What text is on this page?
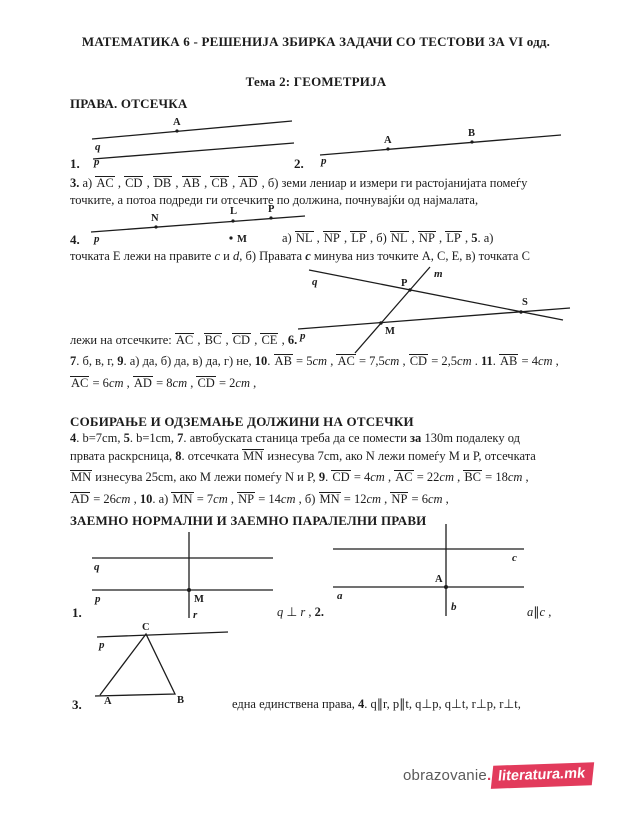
МАТЕМАТИКА 6 - РЕШЕНИЈА ЗБИРКА ЗАДАЧИ СО ТЕСТОВИ ЗА VI одд.
Тема 2: ГЕОМЕТРИЈА
ПРАВА. ОТСЕЧКА
A
q
p
A
B
p
1.	2.
3. а) AC , CD , DB , AB , CB , AD , б) земи лениар и измери ги растојанијата помеѓу
точките, а потоа подреди ги отсечките по должина, почнувајќи од најмалата,
N
L	P
M
p
4.	а) NL , NP , LP , б) NL , NP , LP , 5. а)
точката Е лежи на правите c и d, б) Правата c минува низ точките А, С, Е, в) точката С
P
M
S
q
m
p
лежи на отсечките: AC , BC , CD , CE , 6.
7. б, в, г, 9. а) да, б) да, в) да, г) не, 10. AB = 5cm , AC = 7,5cm , CD = 2,5cm . 11. AB = 4cm ,
AC = 6cm , AD = 8cm , CD = 2cm ,
СОБИРАЊЕ И ОДЗЕМАЊЕ ДОЛЖИНИ НА ОТСЕЧКИ
4. b=7cm, 5. b=1cm, 7. автобуската станица треба да се помести за 130m подалеку од
првата раскрсница, 8. отсечката MN изнесува 7cm, ако N лежи помеѓу M и P, отсечката
MN изнесува 25cm, ако M лежи помеѓу N и P, 9. CD = 4cm , AC = 22cm , BC = 18cm ,
AD = 26cm , 10. а) MN = 7cm , NP = 14cm , б) MN = 12cm , NP = 6cm ,
ЗАЕМНО НОРМАЛНИ И ЗАЕМНО ПАРАЛЕЛНИ ПРАВИ
q
p	M
r
c
a
A
b
1.	q ⊥ r , 2.	a∥c ,
C
A	B
p
3.	една единствена права, 4. q∥r, p∥t, q⊥p, q⊥t, r⊥p, r⊥t,
obrazovanie. literatura.mk
